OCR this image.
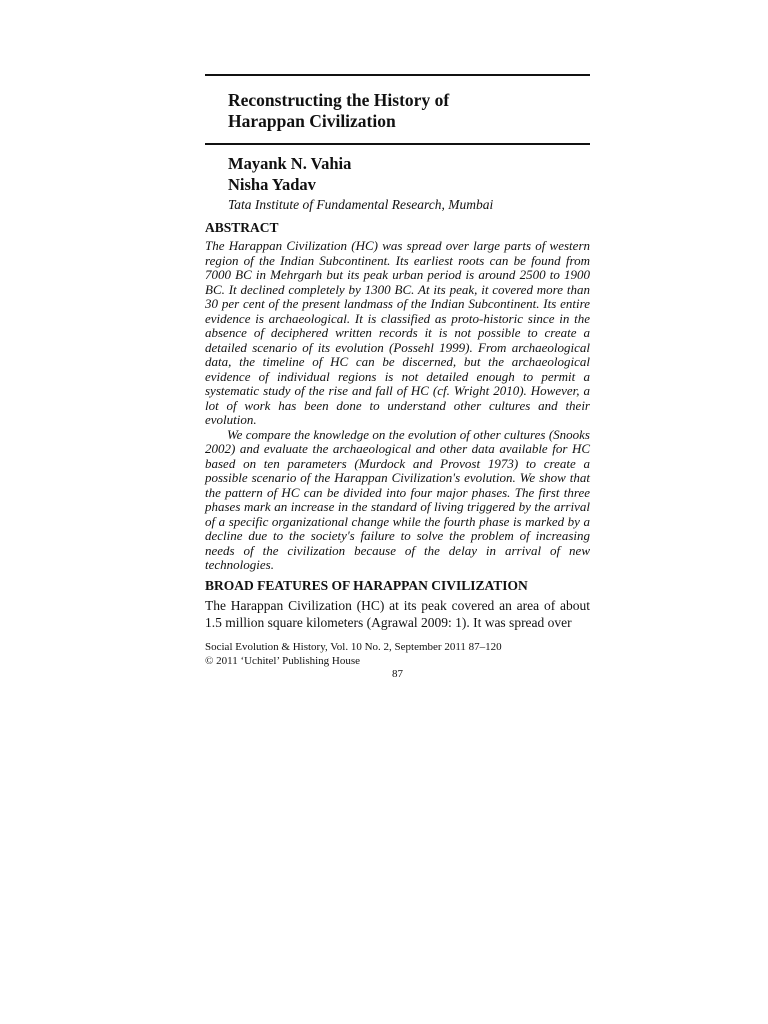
Reconstructing the History of
Harappan Civilization
Mayank N. Vahia
Nisha Yadav
Tata Institute of Fundamental Research, Mumbai
ABSTRACT

The Harappan Civilization (HC) was spread over large parts of western region of the Indian Subcontinent. Its earliest roots can be found from 7000 BC in Mehrgarh but its peak urban period is around 2500 to 1900 BC. It declined completely by 1300 BC. At its peak, it covered more than 30 per cent of the present landmass of the Indian Subcontinent. Its entire evidence is archaeological. It is classified as proto-historic since in the absence of deciphered written records it is not possible to create a detailed scenario of its evolution (Possehl 1999). From archaeological data, the timeline of HC can be discerned, but the archaeological evidence of individual regions is not detailed enough to permit a systematic study of the rise and fall of HC (cf. Wright 2010). However, a lot of work has been done to understand other cultures and their evolution.

We compare the knowledge on the evolution of other cultures (Snooks 2002) and evaluate the archaeological and other data available for HC based on ten parameters (Murdock and Provost 1973) to create a possible scenario of the Harappan Civilization's evolution. We show that the pattern of HC can be divided into four major phases. The first three phases mark an increase in the standard of living triggered by the arrival of a specific organizational change while the fourth phase is marked by a decline due to the society's failure to solve the problem of increasing needs of the civilization because of the delay in arrival of new technologies.

BROAD FEATURES OF HARAPPAN CIVILIZATION

The Harappan Civilization (HC) at its peak covered an area of about 1.5 million square kilometers (Agrawal 2009: 1). It was spread over

Social Evolution & History, Vol. 10 No. 2, September 2011 87–120
© 2011 ‘Uchitel’ Publishing House
87
